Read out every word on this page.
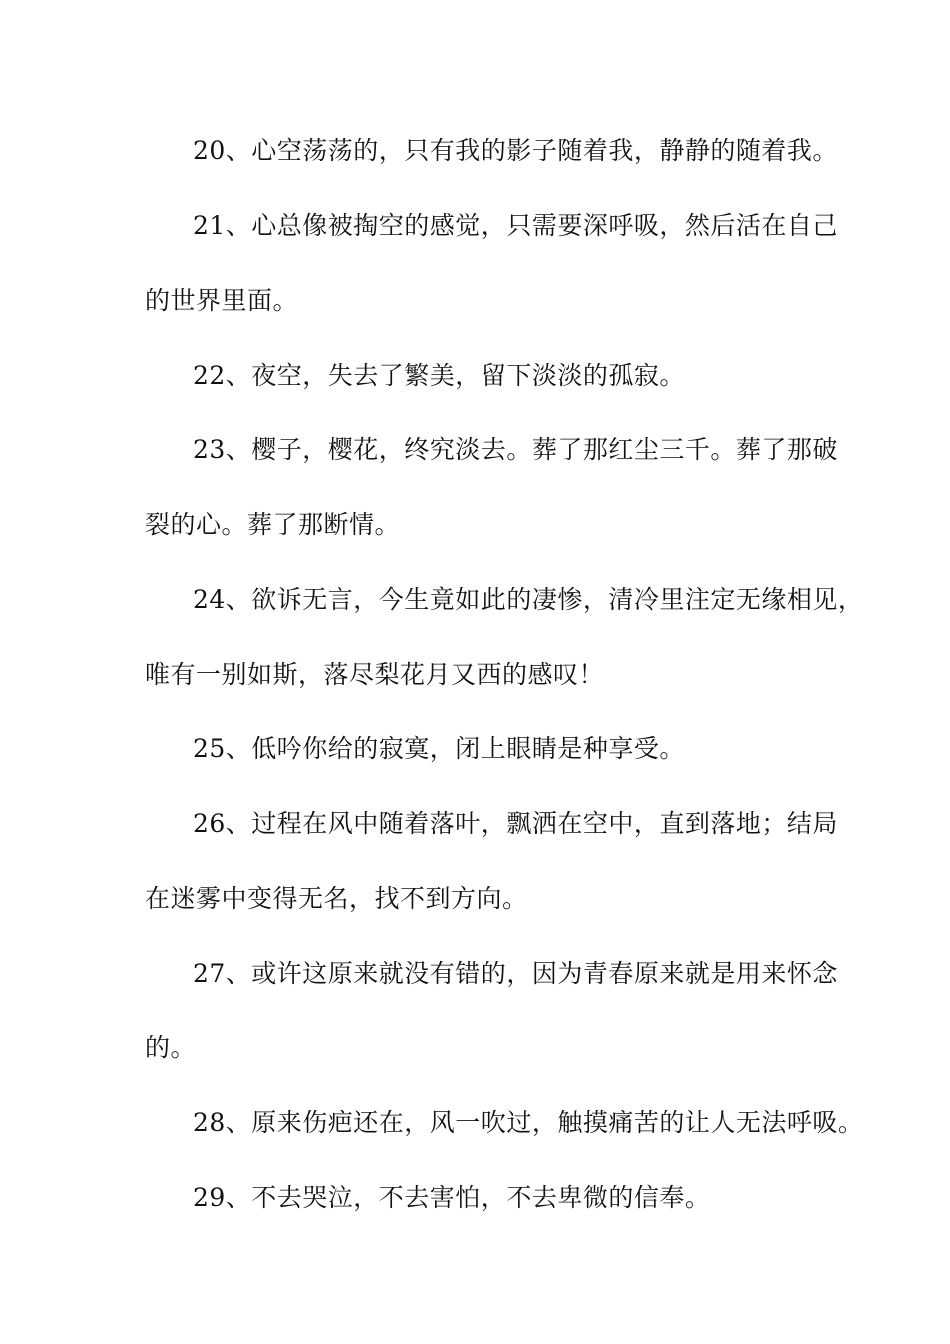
20、心空荡荡的，只有我的影子随着我，静静的随着我。
21、心总像被掏空的感觉，只需要深呼吸，然后活在自己
的世界里面。
22、夜空，失去了繁美，留下淡淡的孤寂。
23、樱子，樱花，终究淡去。葬了那红尘三千。葬了那破
裂的心。葬了那断情。
24、欲诉无言，今生竟如此的凄惨，清冷里注定无缘相见，
唯有一别如斯，落尽梨花月又西的感叹！
25、低吟你给的寂寞，闭上眼睛是种享受。
26、过程在风中随着落叶，飘洒在空中，直到落地；结局
在迷雾中变得无名，找不到方向。
27、或许这原来就没有错的，因为青春原来就是用来怀念
的。
28、原来伤疤还在，风一吹过，触摸痛苦的让人无法呼吸。
29、不去哭泣，不去害怕，不去卑微的信奉。
